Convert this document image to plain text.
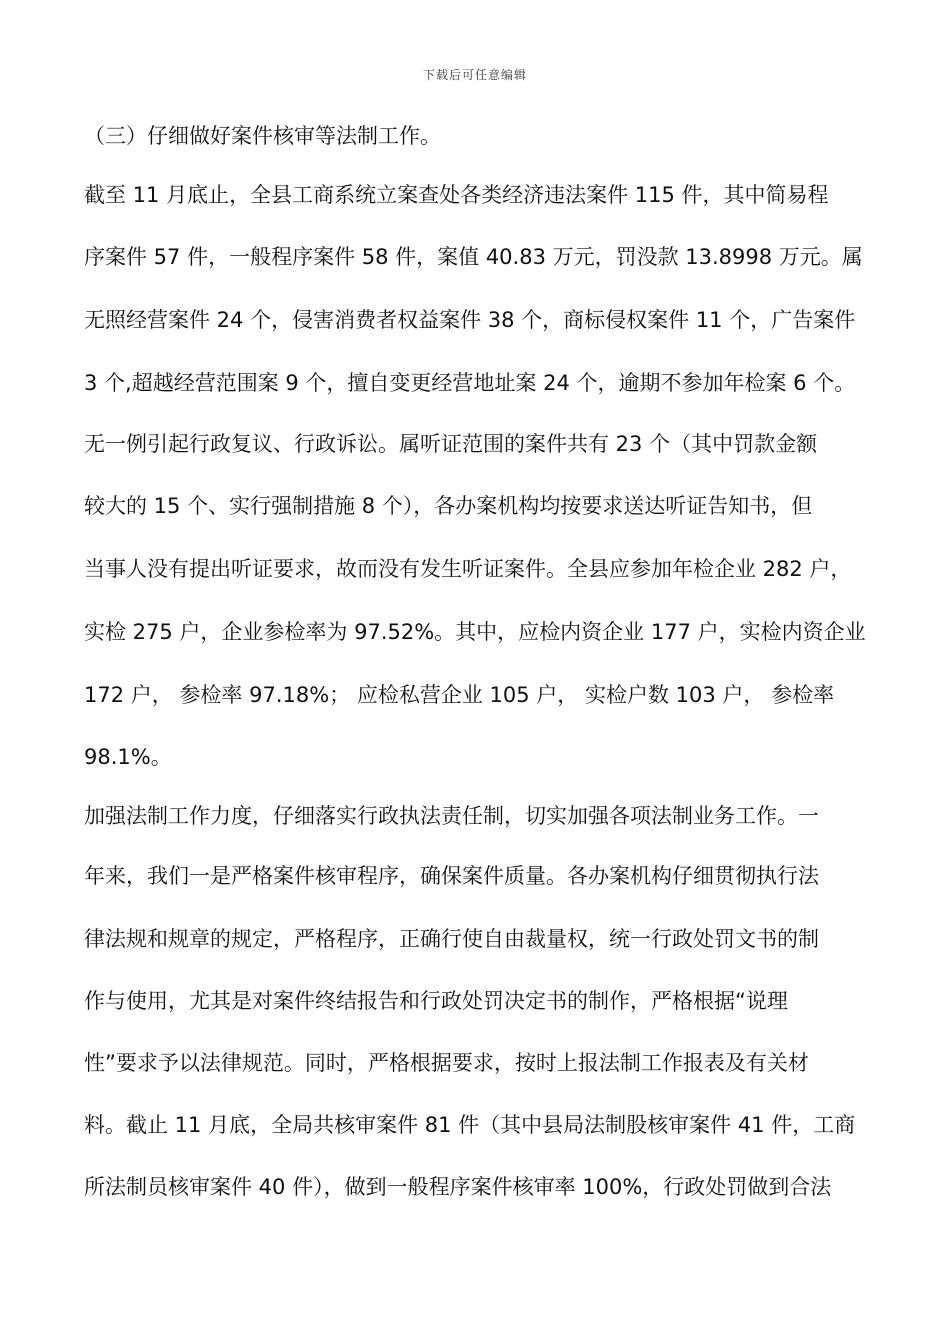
下载后可任意编辑
（三）仔细做好案件核审等法制工作。
截至 11 月底止，全县工商系统立案查处各类经济违法案件 115 件，其中简易程
序案件 57 件，一般程序案件 58 件，案值 40.83 万元，罚没款 13.8998 万元。属
无照经营案件 24 个，侵害消费者权益案件 38 个，商标侵权案件 11 个，广告案件
3 个,超越经营范围案 9 个，擅自变更经营地址案 24 个，逾期不参加年检案 6 个。
无一例引起行政复议、行政诉讼。属听证范围的案件共有 23 个（其中罚款金额
较大的 15 个、实行强制措施 8 个），各办案机构均按要求送达听证告知书，但
当事人没有提出听证要求，故而没有发生听证案件。全县应参加年检企业 282 户，
实检 275 户，企业参检率为 97.52%。其中，应检内资企业 177 户，实检内资企业
172 户， 参检率 97.18%； 应检私营企业 105 户， 实检户数 103 户， 参检率
98.1%。
加强法制工作力度，仔细落实行政执法责任制，切实加强各项法制业务工作。一
年来，我们一是严格案件核审程序，确保案件质量。各办案机构仔细贯彻执行法
律法规和规章的规定，严格程序，正确行使自由裁量权，统一行政处罚文书的制
作与使用，尤其是对案件终结报告和行政处罚决定书的制作，严格根据“说理
性”要求予以法律规范。同时，严格根据要求，按时上报法制工作报表及有关材
料。截止 11 月底，全局共核审案件 81 件（其中县局法制股核审案件 41 件，工商
所法制员核审案件 40 件），做到一般程序案件核审率 100%，行政处罚做到合法
